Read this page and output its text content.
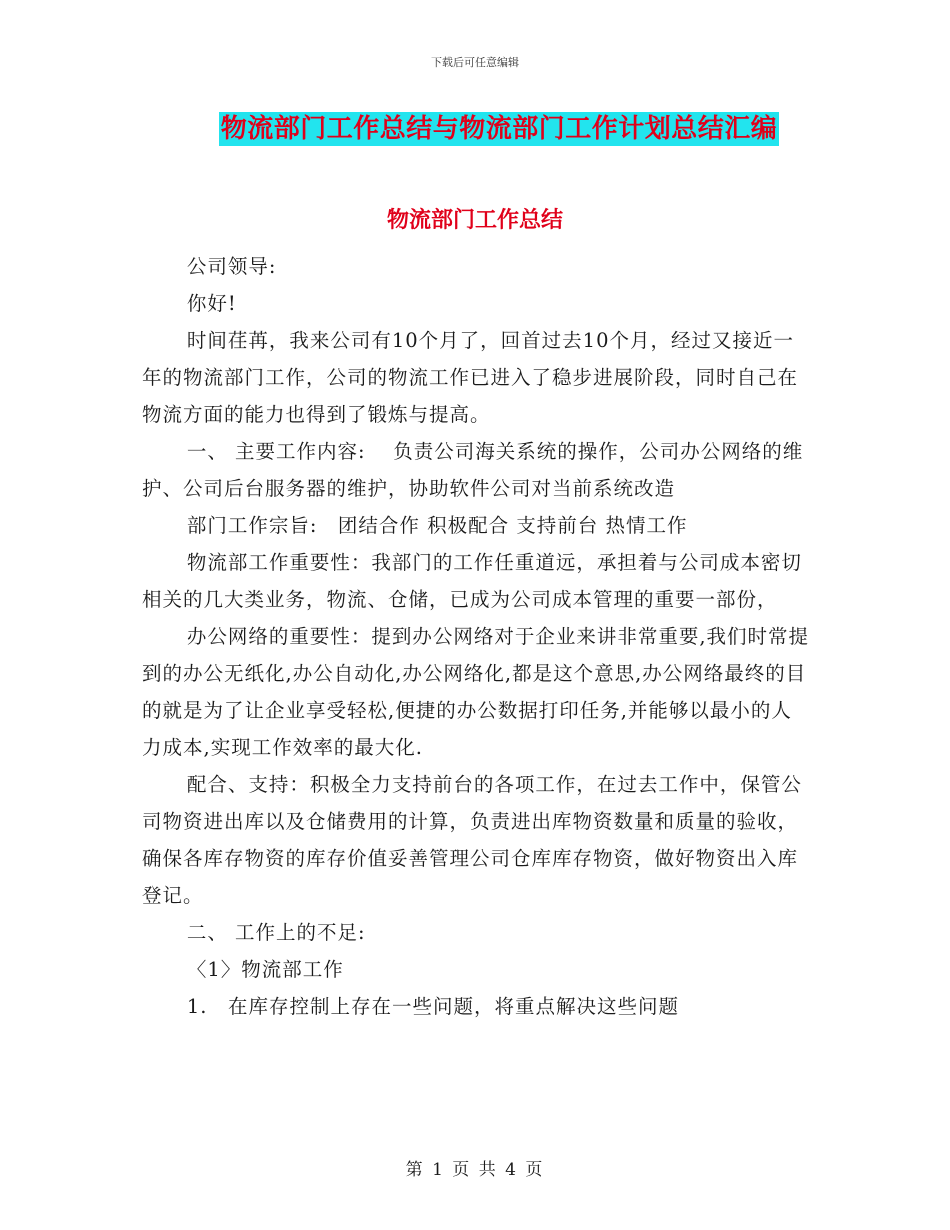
下载后可任意编辑
物流部门工作总结与物流部门工作计划总结汇编
物流部门工作总结

公司领导:

你好!

时间荏苒，我来公司有10个月了，回首过去10个月，经过又接近一年的物流部门工作，公司的物流工作已进入了稳步进展阶段，同时自己在物流方面的能力也得到了锻炼与提高。

一、 主要工作内容:　 负责公司海关系统的操作，公司办公网络的维护、公司后台服务器的维护，协助软件公司对当前系统改造

部门工作宗旨:　团结合作 积极配合 支持前台 热情工作

物流部工作重要性：我部门的工作任重道远，承担着与公司成本密切相关的几大类业务，物流、仓储，已成为公司成本管理的重要一部份，

办公网络的重要性：提到办公网络对于企业来讲非常重要,我们时常提到的办公无纸化,办公自动化,办公网络化,都是这个意思,办公网络最终的目的就是为了让企业享受轻松,便捷的办公数据打印任务,并能够以最小的人力成本,实现工作效率的最大化.

配合、支持：积极全力支持前台的各项工作，在过去工作中，保管公司物资进出库以及仓储费用的计算，负责进出库物资数量和质量的验收，确保各库存物资的库存价值妥善管理公司仓库库存物资，做好物资出入库登记。

二、 工作上的不足:

〈1〉物流部工作

1.　在库存控制上存在一些问题，将重点解决这些问题

第 1 页 共 4 页
